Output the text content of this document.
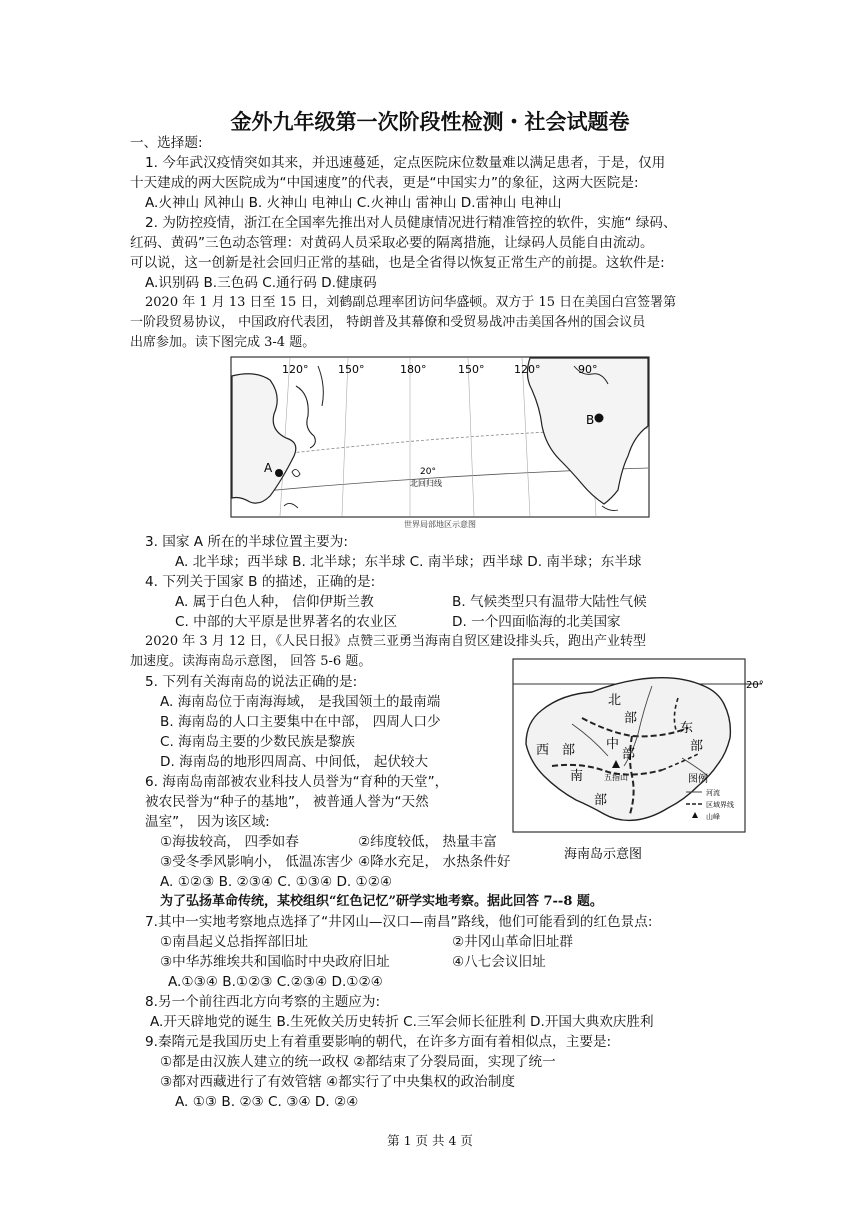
金外九年级第一次阶段性检测・社会试题卷
一、选择题:
1. 今年武汉疫情突如其来，并迅速蔓延，定点医院床位数量难以满足患者，于是，仅用
十天建成的两大医院成为“中国速度”的代表，更是“中国实力”的象征，这两大医院是:
A.火神山 风神山 B. 火神山 电神山 C.火神山 雷神山 D.雷神山 电神山
2. 为防控疫情，浙江在全国率先推出对人员健康情况进行精准管控的软件，实施“ 绿码、
红码、黄码”三色动态管理：对黄码人员采取必要的隔离措施，让绿码人员能自由流动。
可以说，这一创新是社会回归正常的基础，也是全省得以恢复正常生产的前提。这软件是:
A.识别码 B.三色码 C.通行码 D.健康码
2020 年 1 月 13 日至 15 日，刘鹤副总理率团访问华盛顿。双方于 15 日在美国白宫签署第
一阶段贸易协议， 中国政府代表团， 特朗普及其幕僚和受贸易战冲击美国各州的国会议员
出席参加。读下图完成 3-4 题。
120°	150°	180°	150°	120°	90°
20°
北回归线
A
B
世界局部地区示意图
3. 国家 A 所在的半球位置主要为:
A. 北半球；西半球 B. 北半球；东半球 C. 南半球；西半球 D. 南半球；东半球
4. 下列关于国家 B 的描述，正确的是:
A. 属于白色人种， 信仰伊斯兰教	B. 气候类型只有温带大陆性气候
C. 中部的大平原是世界著名的农业区	D. 一个四面临海的北美国家
2020 年 3 月 12 日，《人民日报》点赞三亚勇当海南自贸区建设排头兵，跑出产业转型
加速度。读海南岛示意图， 回答 5-6 题。
5. 下列有关海南岛的说法正确的是:
A. 海南岛位于南海海域， 是我国领土的最南端
B. 海南岛的人口主要集中在中部， 四周人口少
C. 海南岛主要的少数民族是黎族
D. 海南岛的地形四周高、中间低， 起伏较大
6. 海南岛南部被农业科技人员誉为“育种的天堂”，
被农民誉为“种子的基地”， 被普通人誉为“天然
温室”， 因为该区域:
①海拔较高， 四季如春	②纬度较低， 热量丰富
③受冬季风影响小， 低温冻害少 ④降水充足， 水热条件好
A. ①②③ B. ②③④ C. ①③④ D. ①②④
20°
北
部
东
部
西 部 中
部
南
部
五指山	图例
河流
区域界线
山峰
海南岛示意图
为了弘扬革命传统，某校组织“红色记忆”研学实地考察。据此回答 7--8 题。
7.其中一实地考察地点选择了“井冈山—汉口—南昌”路线，他们可能看到的红色景点:
①南昌起义总指挥部旧址	②井冈山革命旧址群
③中华苏维埃共和国临时中央政府旧址	④八七会议旧址
A.①③④ B.①②③ C.②③④ D.①②④
8.另一个前往西北方向考察的主题应为:
A.开天辟地党的诞生 B.生死攸关历史转折 C.三军会师长征胜利 D.开国大典欢庆胜利
9.秦隋元是我国历史上有着重要影响的朝代，在许多方面有着相似点，主要是:
①都是由汉族人建立的统一政权 ②都结束了分裂局面，实现了统一
③都对西藏进行了有效管辖 ④都实行了中央集权的政治制度
A. ①③ B. ②③ C. ③④ D. ②④
第 1 页 共 4 页
